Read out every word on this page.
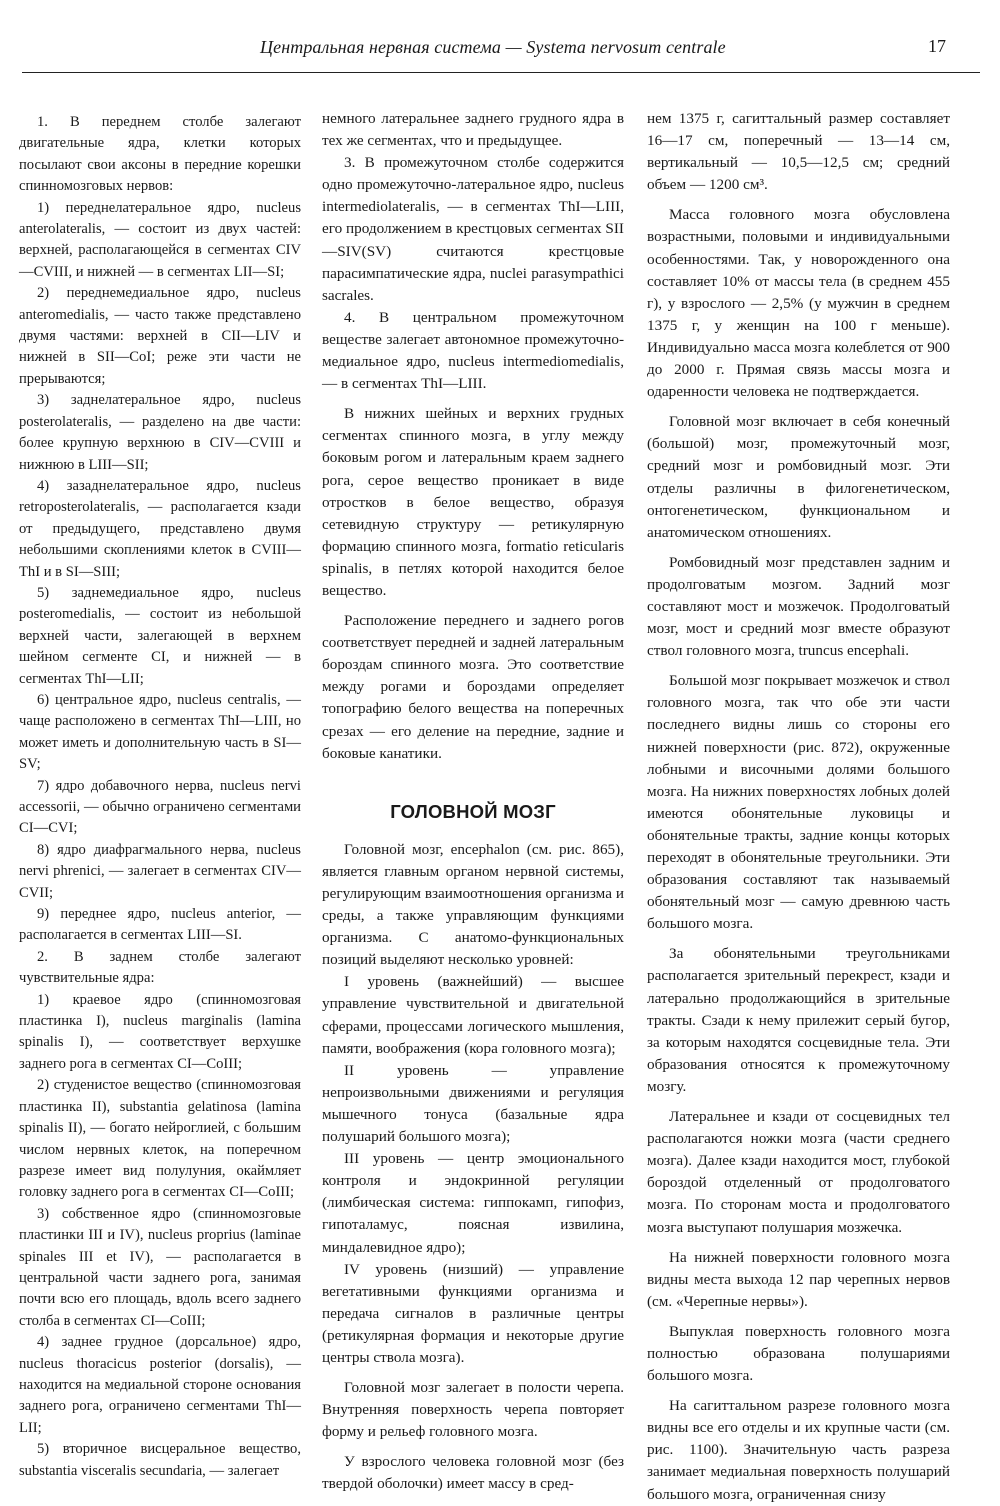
Центральная нервная система — Systema nervosum centrale	17

1. В переднем столбе залегают двигательные ядра, клетки которых посылают свои аксоны в передние корешки спинномозговых нервов:

1) переднелатеральное ядро, nucleus anterolateralis, — состоит из двух частей: верхней, располагающейся в сегментах CIV—CVIII, и нижней — в сегментах LII—SI;

2) переднемедиальное ядро, nucleus anteromedialis, — часто также представлено двумя частями: верхней в CII—LIV и нижней в SII—CoI; реже эти части не прерываются;

3) заднелатеральное ядро, nucleus posterolateralis, — разделено на две части: более крупную верхнюю в CIV—CVIII и нижнюю в LIII—SII;

4) зазаднелатеральное ядро, nucleus retroposterolateralis, — располагается кзади от предыдущего, представлено двумя небольшими скоплениями клеток в CVIII—ThI и в SI—SIII;

5) заднемедиальное ядро, nucleus posteromedialis, — состоит из небольшой верхней части, залегающей в верхнем шейном сегменте CI, и нижней — в сегментах ThI—LII;

6) центральное ядро, nucleus centralis, — чаще расположено в сегментах ThI—LIII, но может иметь и дополнительную часть в SI—SV;

7) ядро добавочного нерва, nucleus nervi accessorii, — обычно ограничено сегментами CI—CVI;

8) ядро диафрагмального нерва, nucleus nervi phrenici, — залегает в сегментах CIV—CVII;

9) переднее ядро, nucleus anterior, — располагается в сегментах LIII—SI.

2. В заднем столбе залегают чувствительные ядра:

1) краевое ядро (спинномозговая пластинка I), nucleus marginalis (lamina spinalis I), — соответствует верхушке заднего рога в сегментах CI—CoIII;

2) студенистое вещество (спинномозговая пластинка II), substantia gelatinosa (lamina spinalis II), — богато нейроглией, с большим числом нервных клеток, на поперечном разрезе имеет вид полулуния, окаймляет головку заднего рога в сегментах CI—CoIII;

3) собственное ядро (спинномозговые пластинки III и IV), nucleus proprius (laminae spinales III et IV), — располагается в центральной части заднего рога, занимая почти всю его площадь, вдоль всего заднего столба в сегментах CI—CoIII;

4) заднее грудное (дорсальное) ядро, nucleus thoracicus posterior (dorsalis), — находится на медиальной стороне основания заднего рога, ограничено сегментами ThI—LII;

5) вторичное висцеральное вещество, substantia visceralis secundaria, — залегает

немного латеральнее заднего грудного ядра в тех же сегментах, что и предыдущее.

3. В промежуточном столбе содержится одно промежуточно-латеральное ядро, nucleus intermediolateralis, — в сегментах ThI—LIII, его продолжением в крестцовых сегментах SII—SIV(SV) считаются крестцовые парасимпатические ядра, nuclei parasympathici sacrales.

4. В центральном промежуточном веществе залегает автономное промежуточно-медиальное ядро, nucleus intermediomedialis, — в сегментах ThI—LIII.

В нижних шейных и верхних грудных сегментах спинного мозга, в углу между боковым рогом и латеральным краем заднего рога, серое вещество проникает в виде отростков в белое вещество, образуя сетевидную структуру — ретикулярную формацию спинного мозга, formatio reticularis spinalis, в петлях которой находится белое вещество.

Расположение переднего и заднего рогов соответствует передней и задней латеральным бороздам спинного мозга. Это соответствие между рогами и бороздами определяет топографию белого вещества на поперечных срезах — его деление на передние, задние и боковые канатики.

ГОЛОВНОЙ МОЗГ

Головной мозг, encephalon (см. рис. 865), является главным органом нервной системы, регулирующим взаимоотношения организма и среды, а также управляющим функциями организма. С анатомо-функциональных позиций выделяют несколько уровней:

I уровень (важнейший) — высшее управление чувствительной и двигательной сферами, процессами логического мышления, памяти, воображения (кора головного мозга);

II уровень — управление непроизвольными движениями и регуляция мышечного тонуса (базальные ядра полушарий большого мозга);

III уровень — центр эмоционального контроля и эндокринной регуляции (лимбическая система: гиппокамп, гипофиз, гипоталамус, поясная извилина, миндалевидное ядро);

IV уровень (низший) — управление вегетативными функциями организма и передача сигналов в различные центры (ретикулярная формация и некоторые другие центры ствола мозга).

Головной мозг залегает в полости черепа. Внутренняя поверхность черепа повторяет форму и рельеф головного мозга.

У взрослого человека головной мозг (без твердой оболочки) имеет массу в сред-

нем 1375 г, сагиттальный размер составляет 16—17 см, поперечный — 13—14 см, вертикальный — 10,5—12,5 см; средний объем — 1200 см³.

Масса головного мозга обусловлена возрастными, половыми и индивидуальными особенностями. Так, у новорожденного она составляет 10% от массы тела (в среднем 455 г), у взрослого — 2,5% (у мужчин в среднем 1375 г, у женщин на 100 г меньше). Индивидуально масса мозга колеблется от 900 до 2000 г. Прямая связь массы мозга и одаренности человека не подтверждается.

Головной мозг включает в себя конечный (большой) мозг, промежуточный мозг, средний мозг и ромбовидный мозг. Эти отделы различны в филогенетическом, онтогенетическом, функциональном и анатомическом отношениях.

Ромбовидный мозг представлен задним и продолговатым мозгом. Задний мозг составляют мост и мозжечок. Продолговатый мозг, мост и средний мозг вместе образуют ствол головного мозга, truncus encephali.

Большой мозг покрывает мозжечок и ствол головного мозга, так что обе эти части последнего видны лишь со стороны его нижней поверхности (рис. 872), окруженные лобными и височными долями большого мозга. На нижних поверхностях лобных долей имеются обонятельные луковицы и обонятельные тракты, задние концы которых переходят в обонятельные треугольники. Эти образования составляют так называемый обонятельный мозг — самую древнюю часть большого мозга.

За обонятельными треугольниками располагается зрительный перекрест, кзади и латерально продолжающийся в зрительные тракты. Сзади к нему прилежит серый бугор, за которым находятся сосцевидные тела. Эти образования относятся к промежуточному мозгу.

Латеральнее и кзади от сосцевидных тел располагаются ножки мозга (части среднего мозга). Далее кзади находится мост, глубокой бороздой отделенный от продолговатого мозга. По сторонам моста и продолговатого мозга выступают полушария мозжечка.

На нижней поверхности головного мозга видны места выхода 12 пар черепных нервов (см. «Черепные нервы»).

Выпуклая поверхность головного мозга полностью образована полушариями большого мозга.

На сагиттальном разрезе головного мозга видны все его отделы и их крупные части (см. рис. 1100). Значительную часть разреза занимает медиальная поверхность полушарий большого мозга, ограниченная снизу
